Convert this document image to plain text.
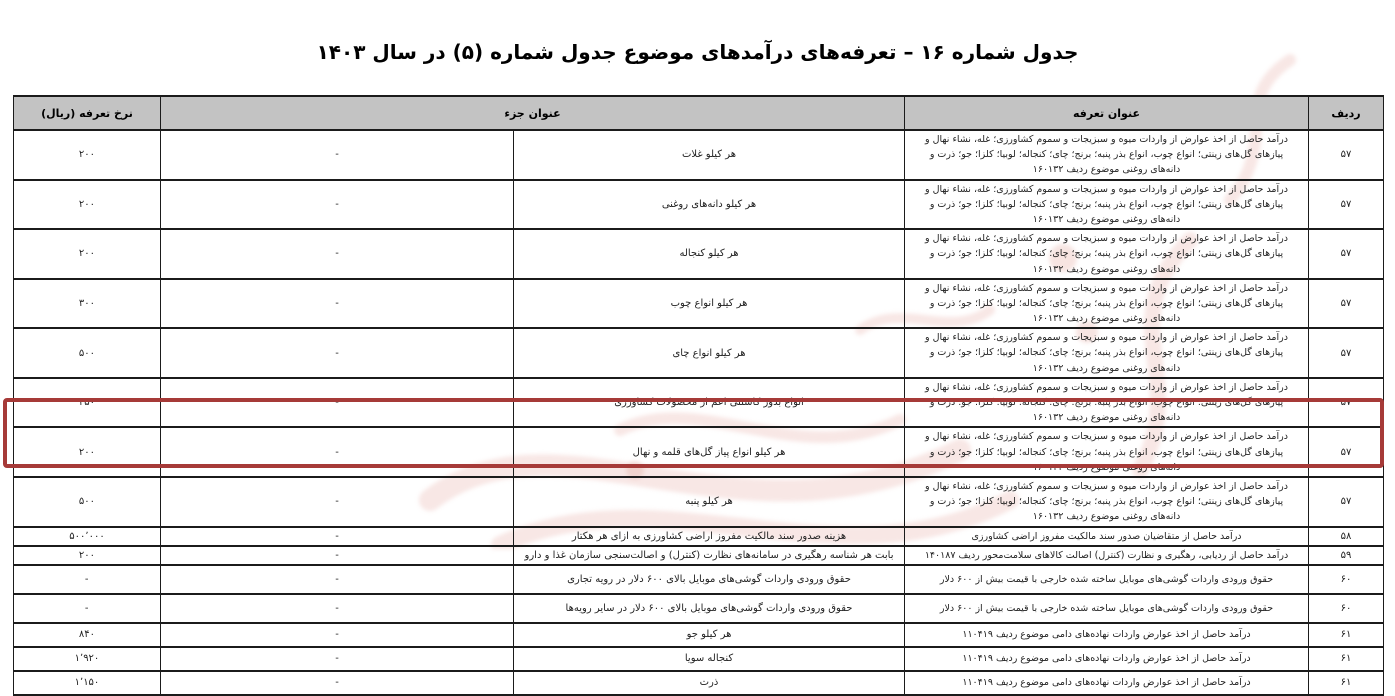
جدول شماره ۱۶ – تعرفه‌های درآمدهای موضوع جدول شماره (۵) در سال ۱۴۰۳
ردیف	عنوان تعرفه	عنوان جزء		نرخ تعرفه (ریال)
۵۷	درآمد حاصل از اخذ عوارض از واردات میوه و سبزیجات و سموم کشاورزی؛ غله، نشاء نهال و پیازهای گل‌های زینتی؛ انواع چوب، انواع بذر پنبه؛ برنج؛ چای؛ کنجاله؛ لوبیا؛ کلزا؛ جو؛ ذرت و دانه‌های روغنی موضوع ردیف ۱۶۰۱۳۲	هر کیلو غلات	-	۲۰۰
۵۷	درآمد حاصل از اخذ عوارض از واردات میوه و سبزیجات و سموم کشاورزی؛ غله، نشاء نهال و پیازهای گل‌های زینتی؛ انواع چوب، انواع بذر پنبه؛ برنج؛ چای؛ کنجاله؛ لوبیا؛ کلزا؛ جو؛ ذرت و دانه‌های روغنی موضوع ردیف ۱۶۰۱۳۲	هر کیلو دانه‌های روغنی	-	۲۰۰
۵۷	درآمد حاصل از اخذ عوارض از واردات میوه و سبزیجات و سموم کشاورزی؛ غله، نشاء نهال و پیازهای گل‌های زینتی؛ انواع چوب، انواع بذر پنبه؛ برنج؛ چای؛ کنجاله؛ لوبیا؛ کلزا؛ جو؛ ذرت و دانه‌های روغنی موضوع ردیف ۱۶۰۱۳۲	هر کیلو کنجاله	-	۲۰۰
۵۷	درآمد حاصل از اخذ عوارض از واردات میوه و سبزیجات و سموم کشاورزی؛ غله، نشاء نهال و پیازهای گل‌های زینتی؛ انواع چوب، انواع بذر پنبه؛ برنج؛ چای؛ کنجاله؛ لوبیا؛ کلزا؛ جو؛ ذرت و دانه‌های روغنی موضوع ردیف ۱۶۰۱۳۲	هر کیلو انواع چوب	-	۳۰۰
۵۷	درآمد حاصل از اخذ عوارض از واردات میوه و سبزیجات و سموم کشاورزی؛ غله، نشاء نهال و پیازهای گل‌های زینتی؛ انواع چوب، انواع بذر پنبه؛ برنج؛ چای؛ کنجاله؛ لوبیا؛ کلزا؛ جو؛ ذرت و دانه‌های روغنی موضوع ردیف ۱۶۰۱۳۲	هر کیلو انواع چای	-	۵۰۰
۵۷	درآمد حاصل از اخذ عوارض از واردات میوه و سبزیجات و سموم کشاورزی؛ غله، نشاء نهال و پیازهای گل‌های زینتی؛ انواع چوب، انواع بذر پنبه؛ برنج؛ چای؛ کنجاله؛ لوبیا؛ کلزا؛ جو؛ ذرت و دانه‌های روغنی موضوع ردیف ۱۶۰۱۳۲	انواع بذور کاشتنی اعم از محصولات کشاورزی	-	۲۵۰
۵۷	درآمد حاصل از اخذ عوارض از واردات میوه و سبزیجات و سموم کشاورزی؛ غله، نشاء نهال و پیازهای گل‌های زینتی؛ انواع چوب، انواع بذر پنبه؛ برنج؛ چای؛ کنجاله؛ لوبیا؛ کلزا؛ جو؛ ذرت و دانه‌های روغنی موضوع ردیف ۱۶۰۱۳۲	هر کیلو انواع پیاز گل‌های قلمه و نهال	-	۲۰۰
۵۷	درآمد حاصل از اخذ عوارض از واردات میوه و سبزیجات و سموم کشاورزی؛ غله، نشاء نهال و پیازهای گل‌های زینتی؛ انواع چوب، انواع بذر پنبه؛ برنج؛ چای؛ کنجاله؛ لوبیا؛ کلزا؛ جو؛ ذرت و دانه‌های روغنی موضوع ردیف ۱۶۰۱۳۲	هر کیلو پنبه	-	۵۰۰
۵۸	درآمد حاصل از متقاضیان صدور سند مالکیت مفروز اراضی کشاورزی	هزینه صدور سند مالکیت مفروز اراضی کشاورزی به ازای هر هکتار	-	۵۰۰٬۰۰۰
۵۹	درآمد حاصل از ردیابی، رهگیری و نظارت (کنترل) اصالت کالاهای سلامت‌محور ردیف ۱۴۰۱۸۷	بابت هر شناسه رهگیری در سامانه‌های نظارت (کنترل) و اصالت‌سنجی سازمان غذا و دارو	-	۲۰۰
۶۰	حقوق ورودی واردات گوشی‌های موبایل ساخته شده خارجی با قیمت بیش از ۶۰۰ دلار	حقوق ورودی واردات گوشی‌های موبایل بالای ۶۰۰ دلار در رویه تجاری	-	-
۶۰	حقوق ورودی واردات گوشی‌های موبایل ساخته شده خارجی با قیمت بیش از ۶۰۰ دلار	حقوق ورودی واردات گوشی‌های موبایل بالای ۶۰۰ دلار در سایر رویه‌ها	-	-
۶۱	درآمد حاصل از اخذ عوارض واردات نهاده‌های دامی موضوع ردیف ۱۱۰۴۱۹	هر کیلو جو	-	۸۴۰
۶۱	درآمد حاصل از اخذ عوارض واردات نهاده‌های دامی موضوع ردیف ۱۱۰۴۱۹	کنجاله سویا	-	۱٬۹۲۰
۶۱	درآمد حاصل از اخذ عوارض واردات نهاده‌های دامی موضوع ردیف ۱۱۰۴۱۹	ذرت	-	۱٬۱۵۰
